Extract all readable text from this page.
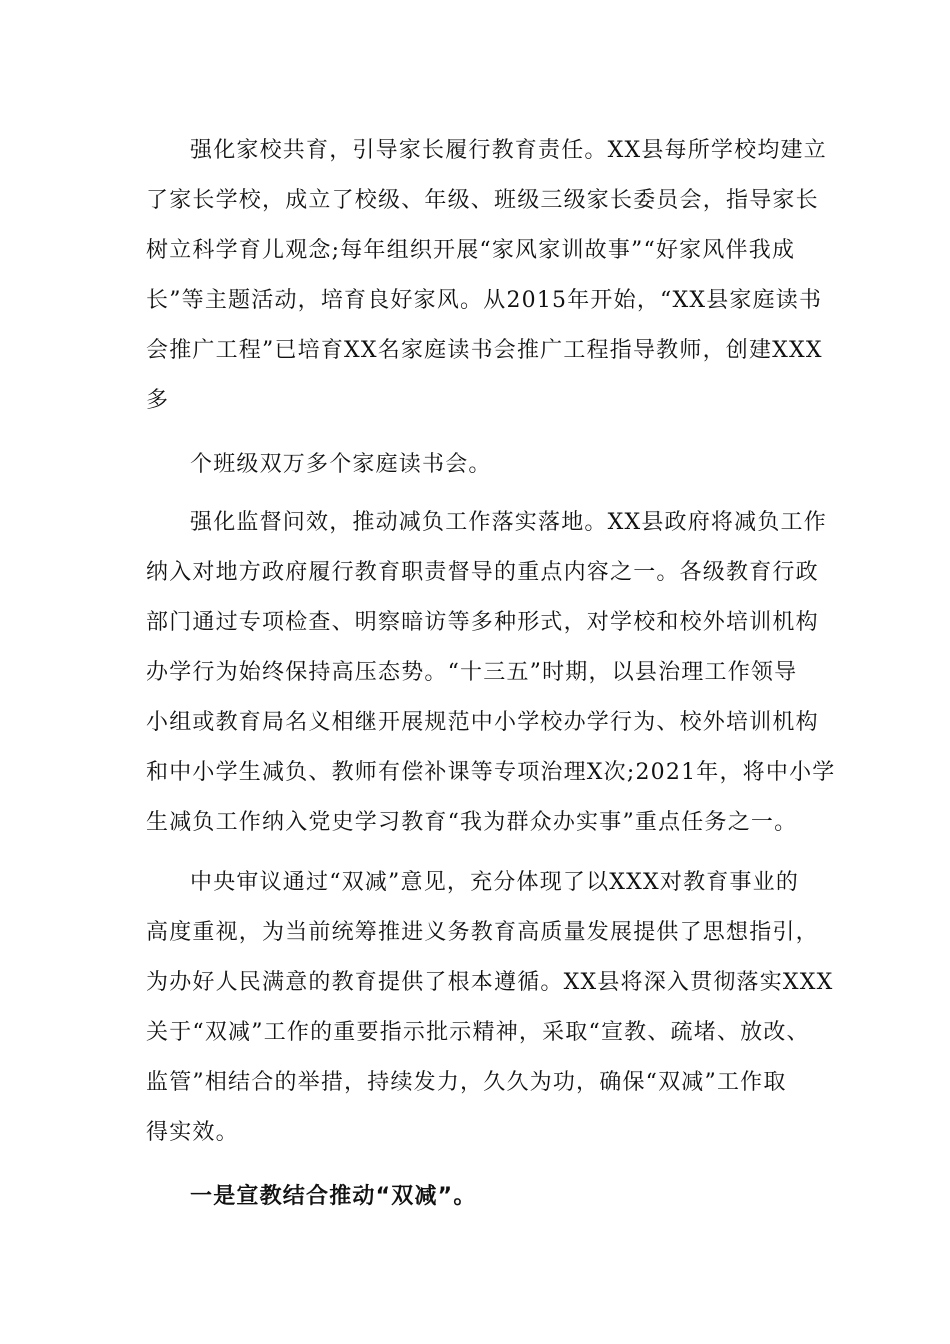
强化家校共育，引导家长履行教育责任。XX县每所学校均建立
了家长学校，成立了校级、年级、班级三级家长委员会，指导家长
树立科学育儿观念;每年组织开展“家风家训故事”“好家风伴我成
长”等主题活动，培育良好家风。从2015年开始，“XX县家庭读书
会推广工程”已培育XX名家庭读书会推广工程指导教师，创建XXX
多
个班级双万多个家庭读书会。
强化监督问效，推动减负工作落实落地。XX县政府将减负工作
纳入对地方政府履行教育职责督导的重点内容之一。各级教育行政
部门通过专项检查、明察暗访等多种形式，对学校和校外培训机构
办学行为始终保持高压态势。“十三五”时期，以县治理工作领导
小组或教育局名义相继开展规范中小学校办学行为、校外培训机构
和中小学生减负、教师有偿补课等专项治理X次;2021年，将中小学
生减负工作纳入党史学习教育“我为群众办实事”重点任务之一。
中央审议通过“双减”意见，充分体现了以XXX对教育事业的
高度重视，为当前统筹推进义务教育高质量发展提供了思想指引，
为办好人民满意的教育提供了根本遵循。XX县将深入贯彻落实XXX
关于“双减”工作的重要指示批示精神，采取“宣教、疏堵、放改、
监管”相结合的举措，持续发力，久久为功，确保“双减”工作取
得实效。
一是宣教结合推动“双减”。
